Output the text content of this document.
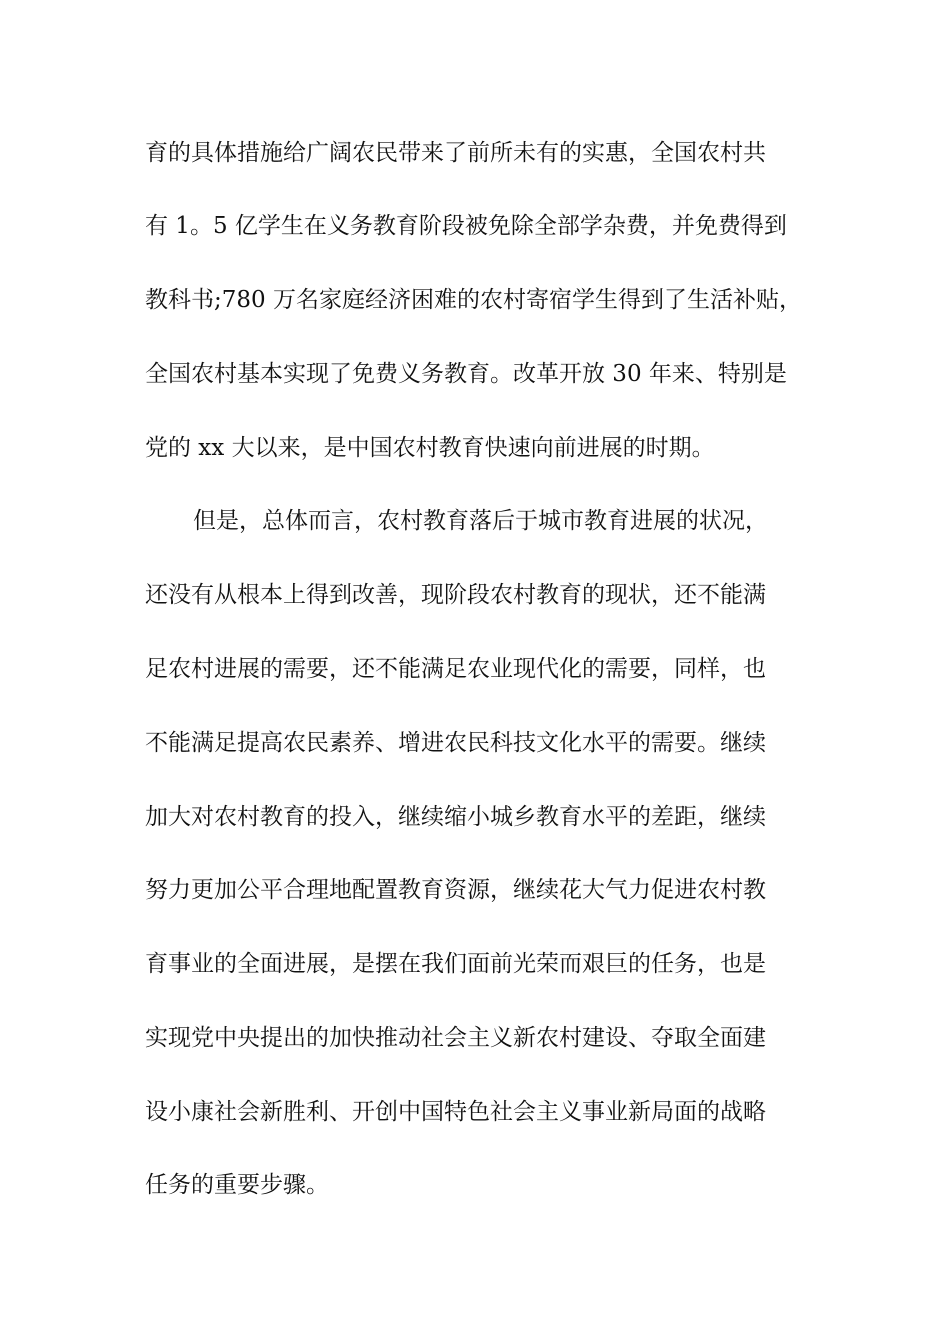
育的具体措施给广阔农民带来了前所未有的实惠，全国农村共

有 1。5 亿学生在义务教育阶段被免除全部学杂费，并免费得到

教科书;780 万名家庭经济困难的农村寄宿学生得到了生活补贴，

全国农村基本实现了免费义务教育。改革开放 30 年来、特别是

党的 xx 大以来，是中国农村教育快速向前进展的时期。

但是，总体而言，农村教育落后于城市教育进展的状况，

还没有从根本上得到改善，现阶段农村教育的现状，还不能满

足农村进展的需要，还不能满足农业现代化的需要，同样，也

不能满足提高农民素养、增进农民科技文化水平的需要。继续

加大对农村教育的投入，继续缩小城乡教育水平的差距，继续

努力更加公平合理地配置教育资源，继续花大气力促进农村教

育事业的全面进展，是摆在我们面前光荣而艰巨的任务，也是

实现党中央提出的加快推动社会主义新农村建设、夺取全面建

设小康社会新胜利、开创中国特色社会主义事业新局面的战略

任务的重要步骤。
